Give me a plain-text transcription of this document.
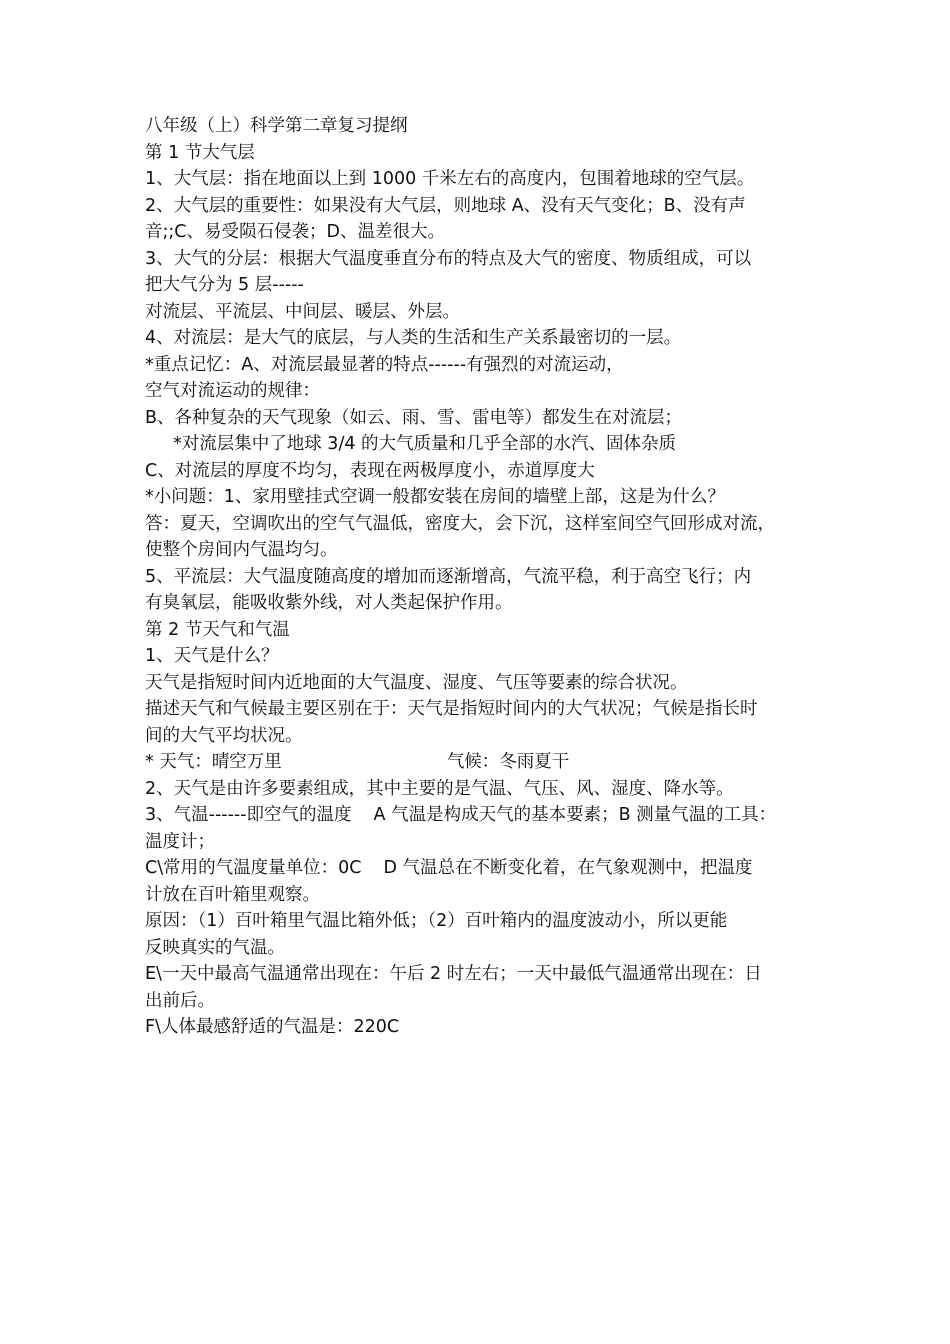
八年级（上）科学第二章复习提纲
第 1 节大气层
1、大气层：指在地面以上到 1000 千米左右的高度内，包围着地球的空气层。
2、大气层的重要性：如果没有大气层，则地球 A、没有天气变化；B、没有声
音;;C、易受陨石侵袭；D、温差很大。
3、大气的分层：根据大气温度垂直分布的特点及大气的密度、物质组成，可以
把大气分为 5 层-----
对流层、平流层、中间层、暖层、外层。
4、对流层：是大气的底层，与人类的生活和生产关系最密切的一层。
*重点记忆：A、对流层最显著的特点------有强烈的对流运动，
空气对流运动的规律：
B、各种复杂的天气现象（如云、雨、雪、雷电等）都发生在对流层；
*对流层集中了地球 3/4 的大气质量和几乎全部的水汽、固体杂质
C、对流层的厚度不均匀，表现在两极厚度小，赤道厚度大
*小问题：1、家用壁挂式空调一般都安装在房间的墙壁上部，这是为什么？
答：夏天，空调吹出的空气气温低，密度大，会下沉，这样室间空气回形成对流，
使整个房间内气温均匀。
5、平流层：大气温度随高度的增加而逐渐增高，气流平稳，利于高空飞行；内
有臭氧层，能吸收紫外线，对人类起保护作用。
第 2 节天气和气温
1、天气是什么？
天气是指短时间内近地面的大气温度、湿度、气压等要素的综合状况。
描述天气和气候最主要区别在于：天气是指短时间内的大气状况；气候是指长时
间的大气平均状况。
* 天气：晴空万里	气候：冬雨夏干
2、天气是由许多要素组成，其中主要的是气温、气压、风、湿度、降水等。
3、气温------即空气的温度 A 气温是构成天气的基本要素；B 测量气温的工具：
温度计；
C\常用的气温度量单位：0C D 气温总在不断变化着，在气象观测中，把温度
计放在百叶箱里观察。
原因：（1）百叶箱里气温比箱外低；（2）百叶箱内的温度波动小，所以更能
反映真实的气温。
E\一天中最高气温通常出现在：午后 2 时左右；一天中最低气温通常出现在：日
出前后。
F\人体最感舒适的气温是：220C
